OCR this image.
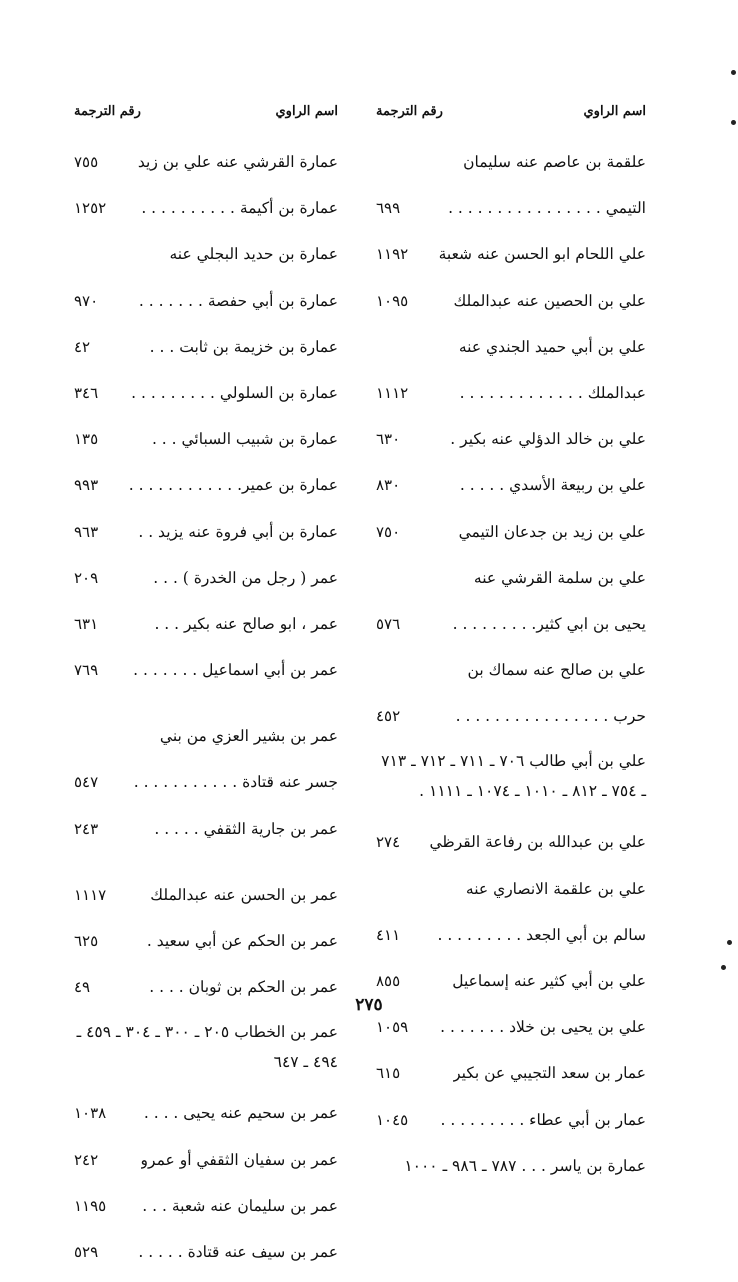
اسم الراوي
رقم الترجمة
علقمة بن عاصم عنه سليمان
التيمي . . . . . . . . . . . . . . . .
٦٩٩
علي اللحام ابو الحسن عنه شعبة
١١٩٢
علي بن الحصين عنه عبدالملك
١٠٩٥
علي بن أبي حميد الجندي عنه
عبدالملك . . . . . . . . . . . . .
١١١٢
علي بن خالد الدؤلي عنه بكير .
٦٣٠
علي بن ربيعة الأسدي . . . . .
٨٣٠
علي بن زيد بن جدعان التيمي
٧٥٠
علي بن سلمة القرشي عنه
يحيى بن ابي كثير. . . . . . . . .
٥٧٦
علي بن صالح عنه سماك بن
حرب . . . . . . . . . . . . . . . .
٤٥٢
علي بن أبي طالب ٧٠٦ ـ ٧١١ ـ ٧١٢ ـ ٧١٣ ـ ٧٥٤ ـ ٨١٢ ـ ١٠١٠ ـ ١٠٧٤ ـ ١١١١ .
علي بن عبدالله بن رفاعة القرظي
٢٧٤
علي بن علقمة الانصاري عنه
سالم بن أبي الجعد . . . . . . . . .
٤١١
علي بن أبي كثير عنه إسماعيل
٨٥٥
علي بن يحيى بن خلاد . . . . . . .
١٠٥٩
عمار بن سعد التجيبي عن بكير
٦١٥
عمار بن أبي عطاء . . . . . . . . .
١٠٤٥
عمارة بن ياسر . . . ٧٨٧ ـ ٩٨٦ ـ ١٠٠٠
اسم الراوي
رقم الترجمة
عمارة القرشي عنه علي بن زيد
٧٥٥
عمارة بن أكيمة . . . . . . . . . .
١٢٥٢
عمارة بن حديد البجلي عنه
عمارة بن أبي حفصة . . . . . . .
٩٧٠
عمارة بن خزيمة بن ثابت . . .
٤٢
عمارة بن السلولي . . . . . . . . .
٣٤٦
عمارة بن شبيب السبائي . . .
١٣٥
عمارة بن عمير. . . . . . . . . . . .
٩٩٣
عمارة بن أبي فروة عنه يزيد . .
٩٦٣
عمر ( رجل من الخدرة ) . . .
٢٠٩
عمر ، ابو صالح عنه بكير . . .
٦٣١
عمر بن أبي اسماعيل . . . . . . .
٧٦٩
عمر بن بشير العزي من بني
جسر عنه قتادة . . . . . . . . . . .
٥٤٧
عمر بن جارية الثقفي . . . . .
٢٤٣
عمر بن الحسن عنه عبدالملك
١١١٧
عمر بن الحكم عن أبي سعيد .
٦٢٥
عمر بن الحكم بن ثوبان . . . .
٤٩
عمر بن الخطاب ٢٠٥ ـ ٣٠٠ ـ ٣٠٤ ـ ٤٥٩ ـ ٤٩٤ ـ ٦٤٧
عمر بن سحيم عنه يحيى . . . .
١٠٣٨
عمر بن سفيان الثقفي أو عمرو
٢٤٢
عمر بن سليمان عنه شعبة . . .
١١٩٥
عمر بن سيف عنه قتادة . . . . .
٥٢٩
٢٧٥
